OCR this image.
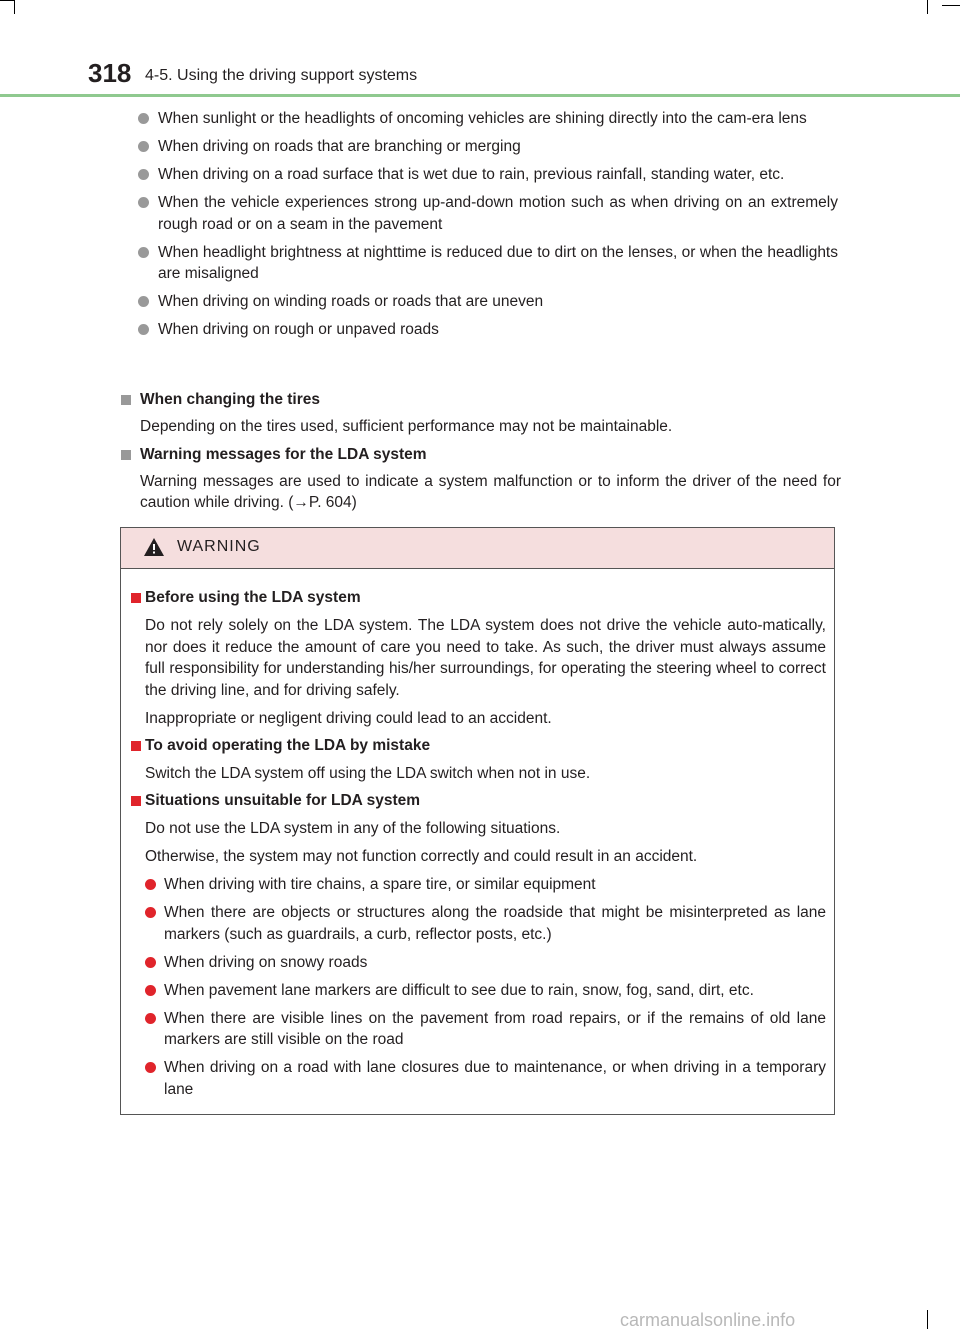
318 4-5. Using the driving support systems
When sunlight or the headlights of oncoming vehicles are shining directly into the cam-era lens
When driving on roads that are branching or merging
When driving on a road surface that is wet due to rain, previous rainfall, standing water, etc.
When the vehicle experiences strong up-and-down motion such as when driving on an extremely rough road or on a seam in the pavement
When headlight brightness at nighttime is reduced due to dirt on the lenses, or when the headlights are misaligned
When driving on winding roads or roads that are uneven
When driving on rough or unpaved roads
When changing the tires
Depending on the tires used, sufficient performance may not be maintainable.
Warning messages for the LDA system
Warning messages are used to indicate a system malfunction or to inform the driver of the need for caution while driving. (→P. 604)
WARNING
Before using the LDA system
Do not rely solely on the LDA system. The LDA system does not drive the vehicle auto-matically, nor does it reduce the amount of care you need to take. As such, the driver must always assume full responsibility for understanding his/her surroundings, for operating the steering wheel to correct the driving line, and for driving safely.
Inappropriate or negligent driving could lead to an accident.
To avoid operating the LDA by mistake
Switch the LDA system off using the LDA switch when not in use.
Situations unsuitable for LDA system
Do not use the LDA system in any of the following situations.
Otherwise, the system may not function correctly and could result in an accident.
When driving with tire chains, a spare tire, or similar equipment
When there are objects or structures along the roadside that might be misinterpreted as lane markers (such as guardrails, a curb, reflector posts, etc.)
When driving on snowy roads
When pavement lane markers are difficult to see due to rain, snow, fog, sand, dirt, etc.
When there are visible lines on the pavement from road repairs, or if the remains of old lane markers are still visible on the road
When driving on a road with lane closures due to maintenance, or when driving in a temporary lane
carmanualsonline.info
